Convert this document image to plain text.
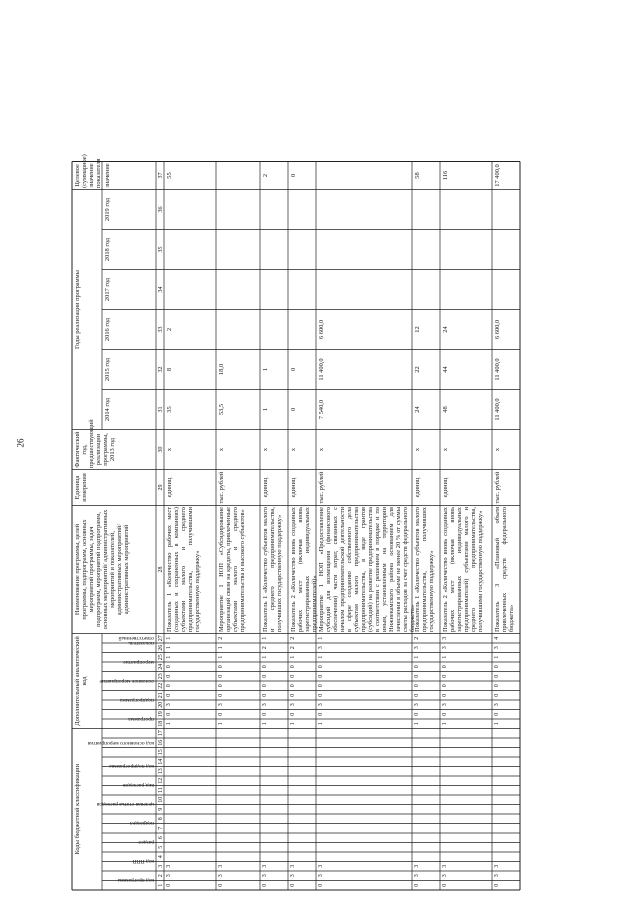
26
Коды бюджетной классификации
Дополнительный аналитический код
Наименование программы, целей программы, подпрограмм, основных мероприятий программы, задач подпрограмм, мероприятий подпрограмм, основных мероприятий/ административных мероприятий и показателей, административных мероприятий/ административных мероприятий
Единица измерения
Фактический год, предшествующий реализации программы, 2013 год
Годы реализации программы
Целевое (суммарное) значение показателя
2014 год
2015 год
2016 год
2017 год
2018 год
2019 год
значение
код программы
код ППП
раздел
подраздел
целевая статья расходов
вид расходов
код подпрограммы
код основного мероприятия
программа
подпрограмма
основное мероприятие
мероприятие
показатель
ответственный
1
2
3
4
5
6
7
8
9
10
11
12
13
14
15
16
17
18
19
20
21
22
23
24
25
26
27
28
29
30
31
32
33
34
35
36
37
0
3
3
1
0
3
0
0
0
0
1
1
1
Показатель 1 «Количество рабочих мест (созданных и сохраненных в компаниях) субъектами малого и среднего предпринимательства, получившими государственную поддержку»
единиц
х
35
8
2
55
0
3
3
1
0
3
0
0
0
0
1
1
2
Мероприятие 1 НОП «Субсидирование организаций связи на кредиты, привлеченные субъектами малого и среднего предпринимательства и высокого субъектов»
тыс. рублей
х
53,5
18,0
0
3
3
1
0
3
0
0
0
0
1
2
1
Показатель 1 «Количество субъектов малого и среднего предпринимательства, получивших государственную поддержку»
единиц
х
1
1
2
0
3
3
1
0
3
0
0
0
0
1
2
2
Показатель 2 «Количество вновь созданных рабочих мест (включая вновь зарегистрированных индивидуальных предпринимателей)»
единиц
х
0
0
0
0
3
3
1
0
3
0
0
0
0
1
3
1
Мероприятие 1 НОП «Предоставление субсидий для возмещения (финансового обеспечения) части затрат, связанных с началом предпринимательской деятельности в сфере созданию собственного дела субъектам малого предпринимательства предпринимательства, в виде грантов (субсидий) на развитие предпринимательства в соответствии с решением в порядке и по иным, установленным на территории Нижнекамского района основанием для зачисления в объеме не менее 20 % от суммы сметы расходов за счет средств федерального бюджета»
тыс. рублей
х
7 540,0
11 400,0
6 600,0
0
3
3
1
0
3
0
0
0
0
1
3
2
Показатель 1 «Количество субъектов малого предпринимательства, получивших государственную поддержку»
единиц
х
24
22
12
58
0
3
3
1
0
3
0
0
0
0
1
3
3
Показатель 2 «Количество вновь созданных рабочих мест (включая вновь зарегистрированных индивидуальных предпринимателей) субъектами малого и среднего предпринимательства, получившими государственную поддержку»
единиц
х
48
44
24
116
0
3
3
1
0
3
0
0
0
0
1
3
4
Показатель 3 «Плановый объем привлеченных средств федерального бюджета»
тыс. рублей
х
11 400,0
11 400,0
6 600,0
17 400,0
